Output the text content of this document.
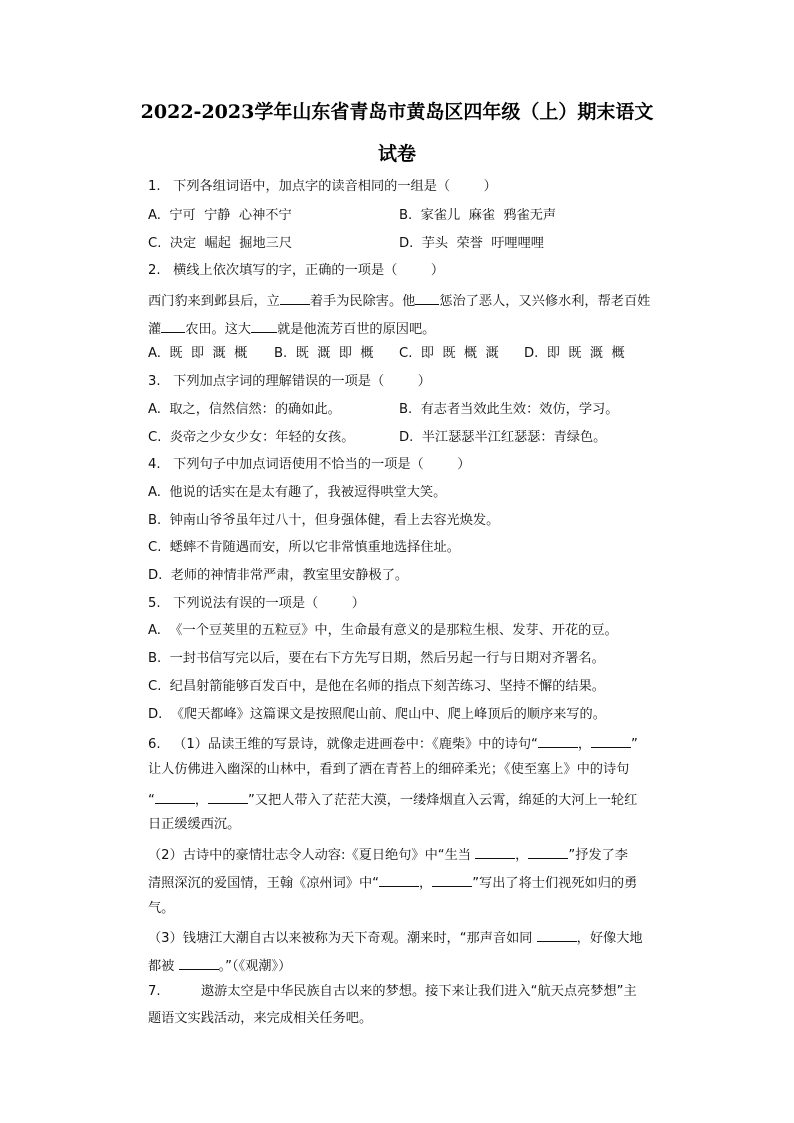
2022-2023学年山东省青岛市黄岛区四年级（上）期末语文
试卷
1.   下列各组词语中，加点字的读音相同的一组是（        ）
A.  宁可  宁静  心神不宁	B.  家雀儿  麻雀  鸦雀无声
C.  决定  崛起  掘地三尺	D.  芋头  荣誉  吁哩哩哩
2.   横线上依次填写的字，正确的一项是（        ）
西门豹来到邺县后，立 着手为民除害。他 惩治了恶人，又兴修水利，帮老百姓
灌 农田。这大 就是他流芳百世的原因吧。
A.  既  即  溉  概 B.  既  溉  即  概 C.  即  既  概  溉 D.  即  既  溉  概
3.   下列加点字词的理解错误的一项是（        ）
A.  取之，信然信然：的确如此。	B.  有志者当效此生效：效仿，学习。
C.  炎帝之少女少女：年轻的女孩。	D.  半江瑟瑟半江红瑟瑟：青绿色。
4.   下列句子中加点词语使用不恰当的一项是（        ）
A.  他说的话实在是太有趣了，我被逗得哄堂大笑。
B.  钟南山爷爷虽年过八十，但身强体健，看上去容光焕发。
C.  蟋蟀不肯随遇而安，所以它非常慎重地选择住址。
D.  老师的神情非常严肃，教室里安静极了。
5.   下列说法有误的一项是（        ）
A.  《一个豆荚里的五粒豆》中，生命最有意义的是那粒生根、发芽、开花的豆。
B.  一封书信写完以后，要在右下方先写日期，然后另起一行与日期对齐署名。
C.  纪昌射箭能够百发百中，是他在名师的指点下刻苦练习、坚持不懈的结果。
D.  《爬天都峰》这篇课文是按照爬山前、爬山中、爬上峰顶后的顺序来写的。
6.   （1）品读王维的写景诗，就像走进画卷中：《鹿柴》中的诗句“	，	”
让人仿佛进入幽深的山林中，看到了洒在青苔上的细碎柔光；《使至塞上》中的诗句
“	，	”又把人带入了茫茫大漠，一缕烽烟直入云霄，绵延的大河上一轮红
日正缓缓西沉。
（2）古诗中的豪情壮志令人动容:《夏日绝句》中“生当	，	”抒发了李
清照深沉的爱国情，王翰《凉州词》中“	，	”写出了将士们视死如归的勇
气。
（3）钱塘江大潮自古以来被称为天下奇观。潮来时，“那声音如同	，好像大地
都被	。”（《观潮》）
7.	遨游太空是中华民族自古以来的梦想。接下来让我们进入“航天点亮梦想”主
题语文实践活动，来完成相关任务吧。
